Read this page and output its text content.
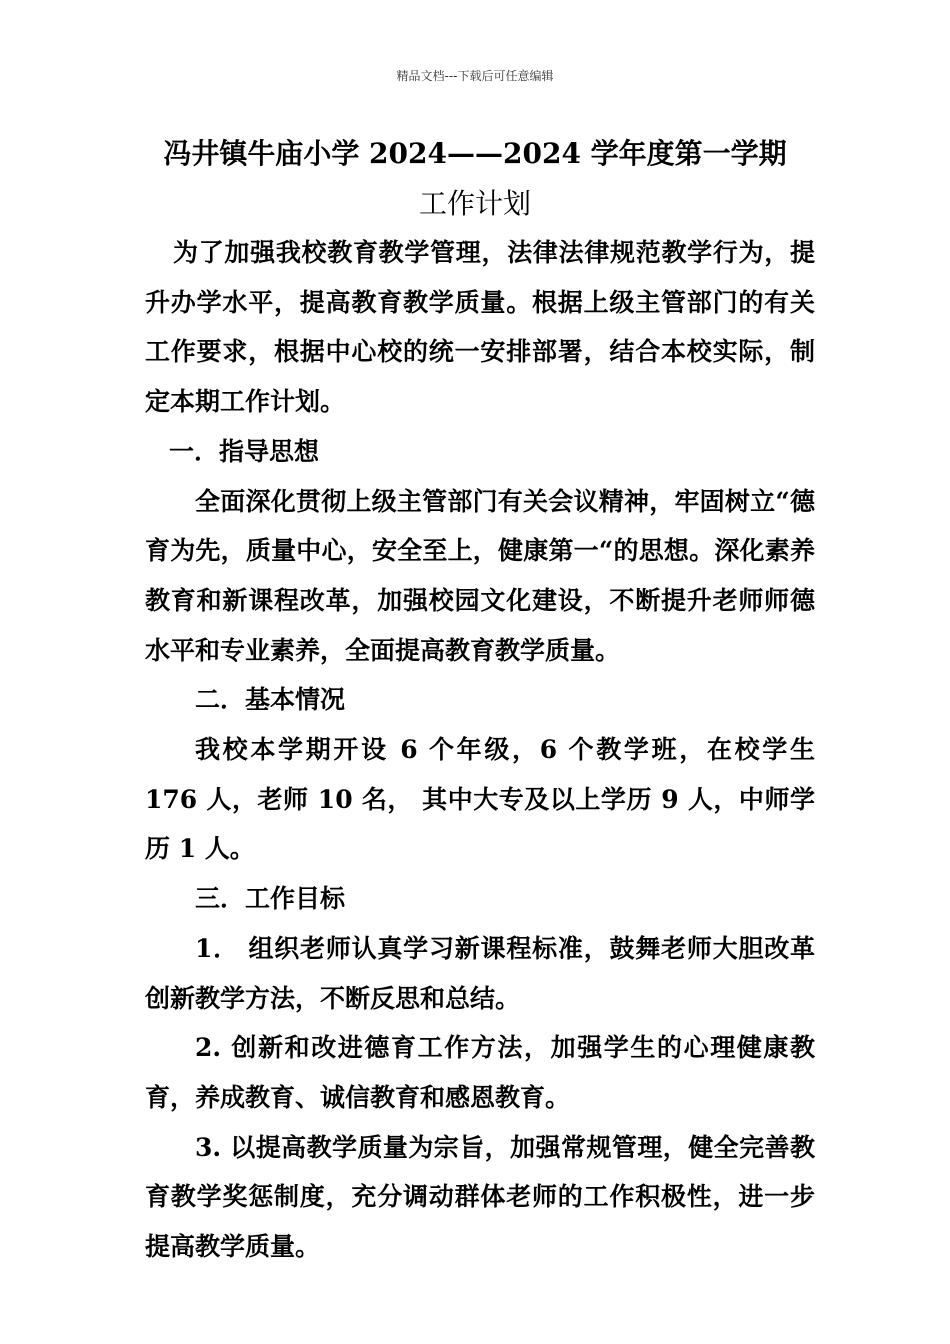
精品文档---下载后可任意编辑
冯井镇牛庙小学 2024——2024 学年度第一学期
工作计划

为了加强我校教育教学管理，法律法律规范教学行为，提升办学水平，提高教育教学质量。根据上级主管部门的有关工作要求，根据中心校的统一安排部署，结合本校实际，制定本期工作计划。

一．指导思想

全面深化贯彻上级主管部门有关会议精神，牢固树立“德育为先，质量中心，安全至上，健康第一“的思想。深化素养教育和新课程改革，加强校园文化建设，不断提升老师师德水平和专业素养，全面提高教育教学质量。

二．基本情况

我校本学期开设 6 个年级，6 个教学班，在校学生 176 人，老师 10 名， 其中大专及以上学历 9 人，中师学历 1 人。

三．工作目标

1． 组织老师认真学习新课程标准，鼓舞老师大胆改革创新教学方法，不断反思和总结。

2. 创新和改进德育工作方法，加强学生的心理健康教育，养成教育、诚信教育和感恩教育。

3. 以提高教学质量为宗旨，加强常规管理，健全完善教育教学奖惩制度，充分调动群体老师的工作积极性，进一步提高教学质量。
